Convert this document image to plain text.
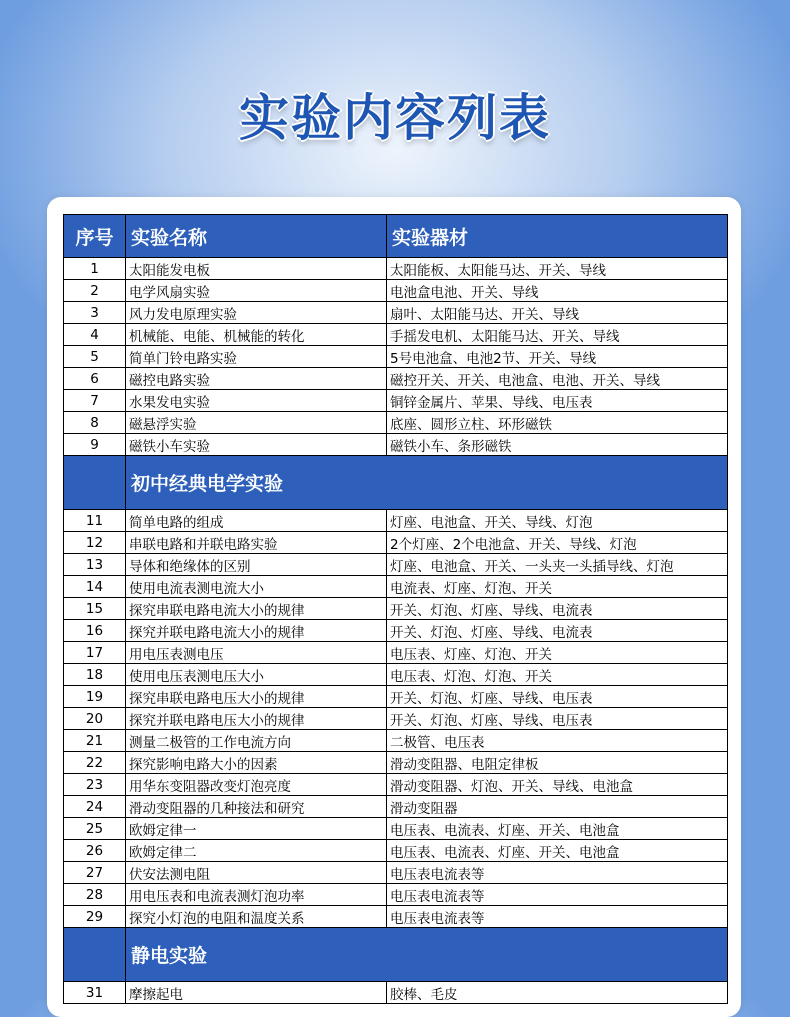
实验内容列表
序号	实验名称	实验器材
1	太阳能发电板	太阳能板、太阳能马达、开关、导线
2	电学风扇实验	电池盒电池、开关、导线
3	风力发电原理实验	扇叶、太阳能马达、开关、导线
4	机械能、电能、机械能的转化	手摇发电机、太阳能马达、开关、导线
5	简单门铃电路实验	5号电池盒、电池2节、开关、导线
6	磁控电路实验	磁控开关、开关、电池盒、电池、开关、导线
7	水果发电实验	铜锌金属片、苹果、导线、电压表
8	磁悬浮实验	底座、圆形立柱、环形磁铁
9	磁铁小车实验	磁铁小车、条形磁铁
	初中经典电学实验	
11	简单电路的组成	灯座、电池盒、开关、导线、灯泡
12	串联电路和并联电路实验	2个灯座、2个电池盒、开关、导线、灯泡
13	导体和绝缘体的区别	灯座、电池盒、开关、一头夹一头插导线、灯泡
14	使用电流表测电流大小	电流表、灯座、灯泡、开关
15	探究串联电路电流大小的规律	开关、灯泡、灯座、导线、电流表
16	探究并联电路电流大小的规律	开关、灯泡、灯座、导线、电流表
17	用电压表测电压	电压表、灯座、灯泡、开关
18	使用电压表测电压大小	电压表、灯泡、灯泡、开关
19	探究串联电路电压大小的规律	开关、灯泡、灯座、导线、电压表
20	探究并联电路电压大小的规律	开关、灯泡、灯座、导线、电压表
21	测量二极管的工作电流方向	二极管、电压表
22	探究影响电路大小的因素	滑动变阻器、电阻定律板
23	用华东变阻器改变灯泡亮度	滑动变阻器、灯泡、开关、导线、电池盒
24	滑动变阻器的几种接法和研究	滑动变阻器
25	欧姆定律一	电压表、电流表、灯座、开关、电池盒
26	欧姆定律二	电压表、电流表、灯座、开关、电池盒
27	伏安法测电阻	电压表电流表等
28	用电压表和电流表测灯泡功率	电压表电流表等
29	探究小灯泡的电阻和温度关系	电压表电流表等
	静电实验	
31	摩擦起电	胶棒、毛皮
